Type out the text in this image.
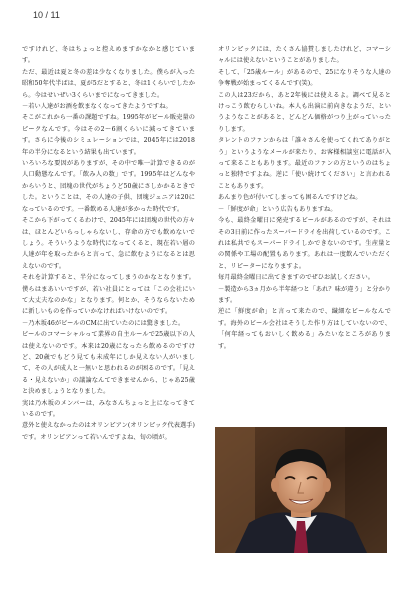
10 / 11

ですけれど、冬はちょっと控えめますかなかと感じています。

ただ、最近は夏と冬の差は少なくなりました。僕らが入った昭和50年代半ばは、夏が5だとすると、冬は1くらいでしたから。今はせいぜい3くらいまでになってきました。

－若い人達がお酒を飲まなくなってきたようですね。

そこがこれから一番の課題ですね。1995年がビール販売量のピークなんです。今はその2〜6割くらいに減ってきています。さらに今後のシミュレーションでは、2045年には2018年の半分になるという結果も出ています。

いろいろな要因がありますが、その中で唯一計算できるのが人口動態なんです。「飲み人の数」です。1995年はどんなやからいうと、団塊の世代がちょうど50歳にさしかかるときでした。ということは、その人達の子供、団塊ジュニアは20になっているのです。一番飲める人達が多かった時代です。

そこから下がってくるわけで、2045年には団塊の世代の方々は、ほとんどいらっしゃらないし、存命の方でも飲めないでしょう。そういうような時代になってくると、現在若い層の人達が年を取ったからと言って、急に飲むようになるとは思えないのです。

それを計算すると、半分になってしまうのかなとなります。僕らはまあいいですが、若い社員にとっては「この会社にいて大丈夫なのかな」となります。何とか、そうならないために新しいものを作っていかなければいけないのです。

－乃木坂46がビールのCMに出ていたのには驚きました。

ビールのコマーシャルって業界の自主ルールで25歳以下の人は使えないのです。本来は20歳になったら飲めるのですけど、20歳でもどう見ても未成年にしか見えない人がいまして、その人が成人と一無いと思われるのが困るのです。「見える・見えないか」の議論なんてできませんから、じゃあ25歳と決めましょうとなりました。

実は乃木坂のメンバーは、みなさんちょっと上になってきているのです。

意外と使えなかったのはオリンピアン(オリンピック代表選手)です。オリンピアンって若いんですよね、旬の頃が。

オリンピックには、たくさん協賛しましたけれど、コマーシャルには使えないということがありました。

そして、「25歳ルール」があるので、25になりそうな人達の争奪戦が始まってくるんです(笑)。

この人は23だから、あと2年後には使えるよ。調べて見るとけっこう飲むらしいね。本人も出演に前向きなようだ、というようなことがあると、どんどん価格がつり上がっていったりします。

タレントのファンからは「誰々さんを使ってくれてありがとう」というようなメールが来たり、お客様相談室に電話が入って来ることもあります。最近のファンの方というのはちょっと独特ですよね。逆に「使い続けてください」と言われることもあります。

あんまり色が付いてしまっても困るんですけどね。

－「鮮度が命」という広告もありますね。

今も、最終金曜日に発売するビールがあるのですが、それはその3日前に作ったスーパードライを出荷しているのです。これは私共でもスーパードライしかできないのです。生産量との関係や工場の配置もあります。あれは一度飲んでいただくと、リピーターになりますよ。

毎月最終金曜日に出てきますのでぜひお試しください。

－製造から3ヵ月から半年経つと「あれ？味が違う」と分かります。

逆に「鮮度が命」と言って来たので、繊細なビールなんです。海外のビール会社はそうした作り方はしていないので、「何年経ってもおいしく飲める」みたいなところがあります。
